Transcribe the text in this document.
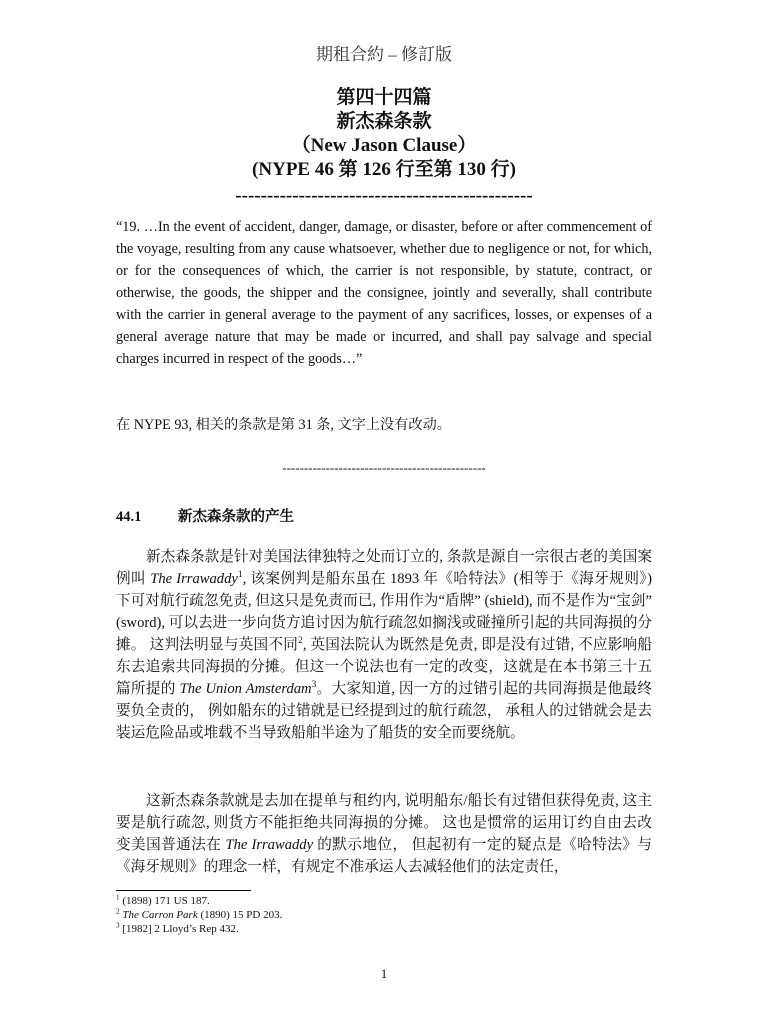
期租合約 – 修訂版
第四十四篇
新杰森条款
（New Jason Clause）
(NYPE 46 第 126 行至第 130 行)
-----------------------------------------------
“19. …In the event of accident, danger, damage, or disaster, before or after commencement of the voyage, resulting from any cause whatsoever, whether due to negligence or not, for which, or for the consequences of which, the carrier is not responsible, by statute, contract, or otherwise, the goods, the shipper and the consignee, jointly and severally, shall contribute with the carrier in general average to the payment of any sacrifices, losses, or expenses of a general average nature that may be made or incurred, and shall pay salvage and special charges incurred in respect of the goods…”
在 NYPE 93, 相关的条款是第 31 条, 文字上没有改动。
-----------------------------------------------
44.1	新杰森条款的产生
新杰森条款是针对美国法律独特之处而订立的, 条款是源自一宗很古老的美国案例叫 The Irrawaddy$^1$, 该案例判是船东虽在 1893 年《哈特法》(相等于《海牙规则》) 下可对航行疏忽免责, 但这只是免责而已, 作用作为“盾牌” (shield), 而不是作为“宝剑” (sword), 可以去进一步向货方追讨因为航行疏忽如搁浅或碰撞所引起的共同海损的分摊。 这判法明显与英国不同$^2$, 英国法院认为既然是免责, 即是没有过错, 不应影响船东去追索共同海损的分摊。但这一个说法也有一定的改变，这就是在本书第三十五篇所提的 The Union Amsterdam$^3$。大家知道, 因一方的过错引起的共同海损是他最终要负全责的， 例如船东的过错就是已经提到过的航行疏忽， 承租人的过错就会是去装运危险品或堆载不当导致船舶半途为了船货的安全而要绕航。
这新杰森条款就是去加在提单与租约内, 说明船东/船长有过错但获得免责, 这主要是航行疏忽, 则货方不能拒绝共同海损的分摊。 这也是惯常的运用订约自由去改变美国普通法在 The Irrawaddy 的默示地位， 但起初有一定的疑点是《哈特法》与《海牙规则》的理念一样，有规定不准承运人去减轻他们的法定责任，
$^1$ (1898) 171 US 187.
$^2$ The Carron Park (1890) 15 PD 203.
$^3$ [1982] 2 Lloyd’s Rep 432.
1
